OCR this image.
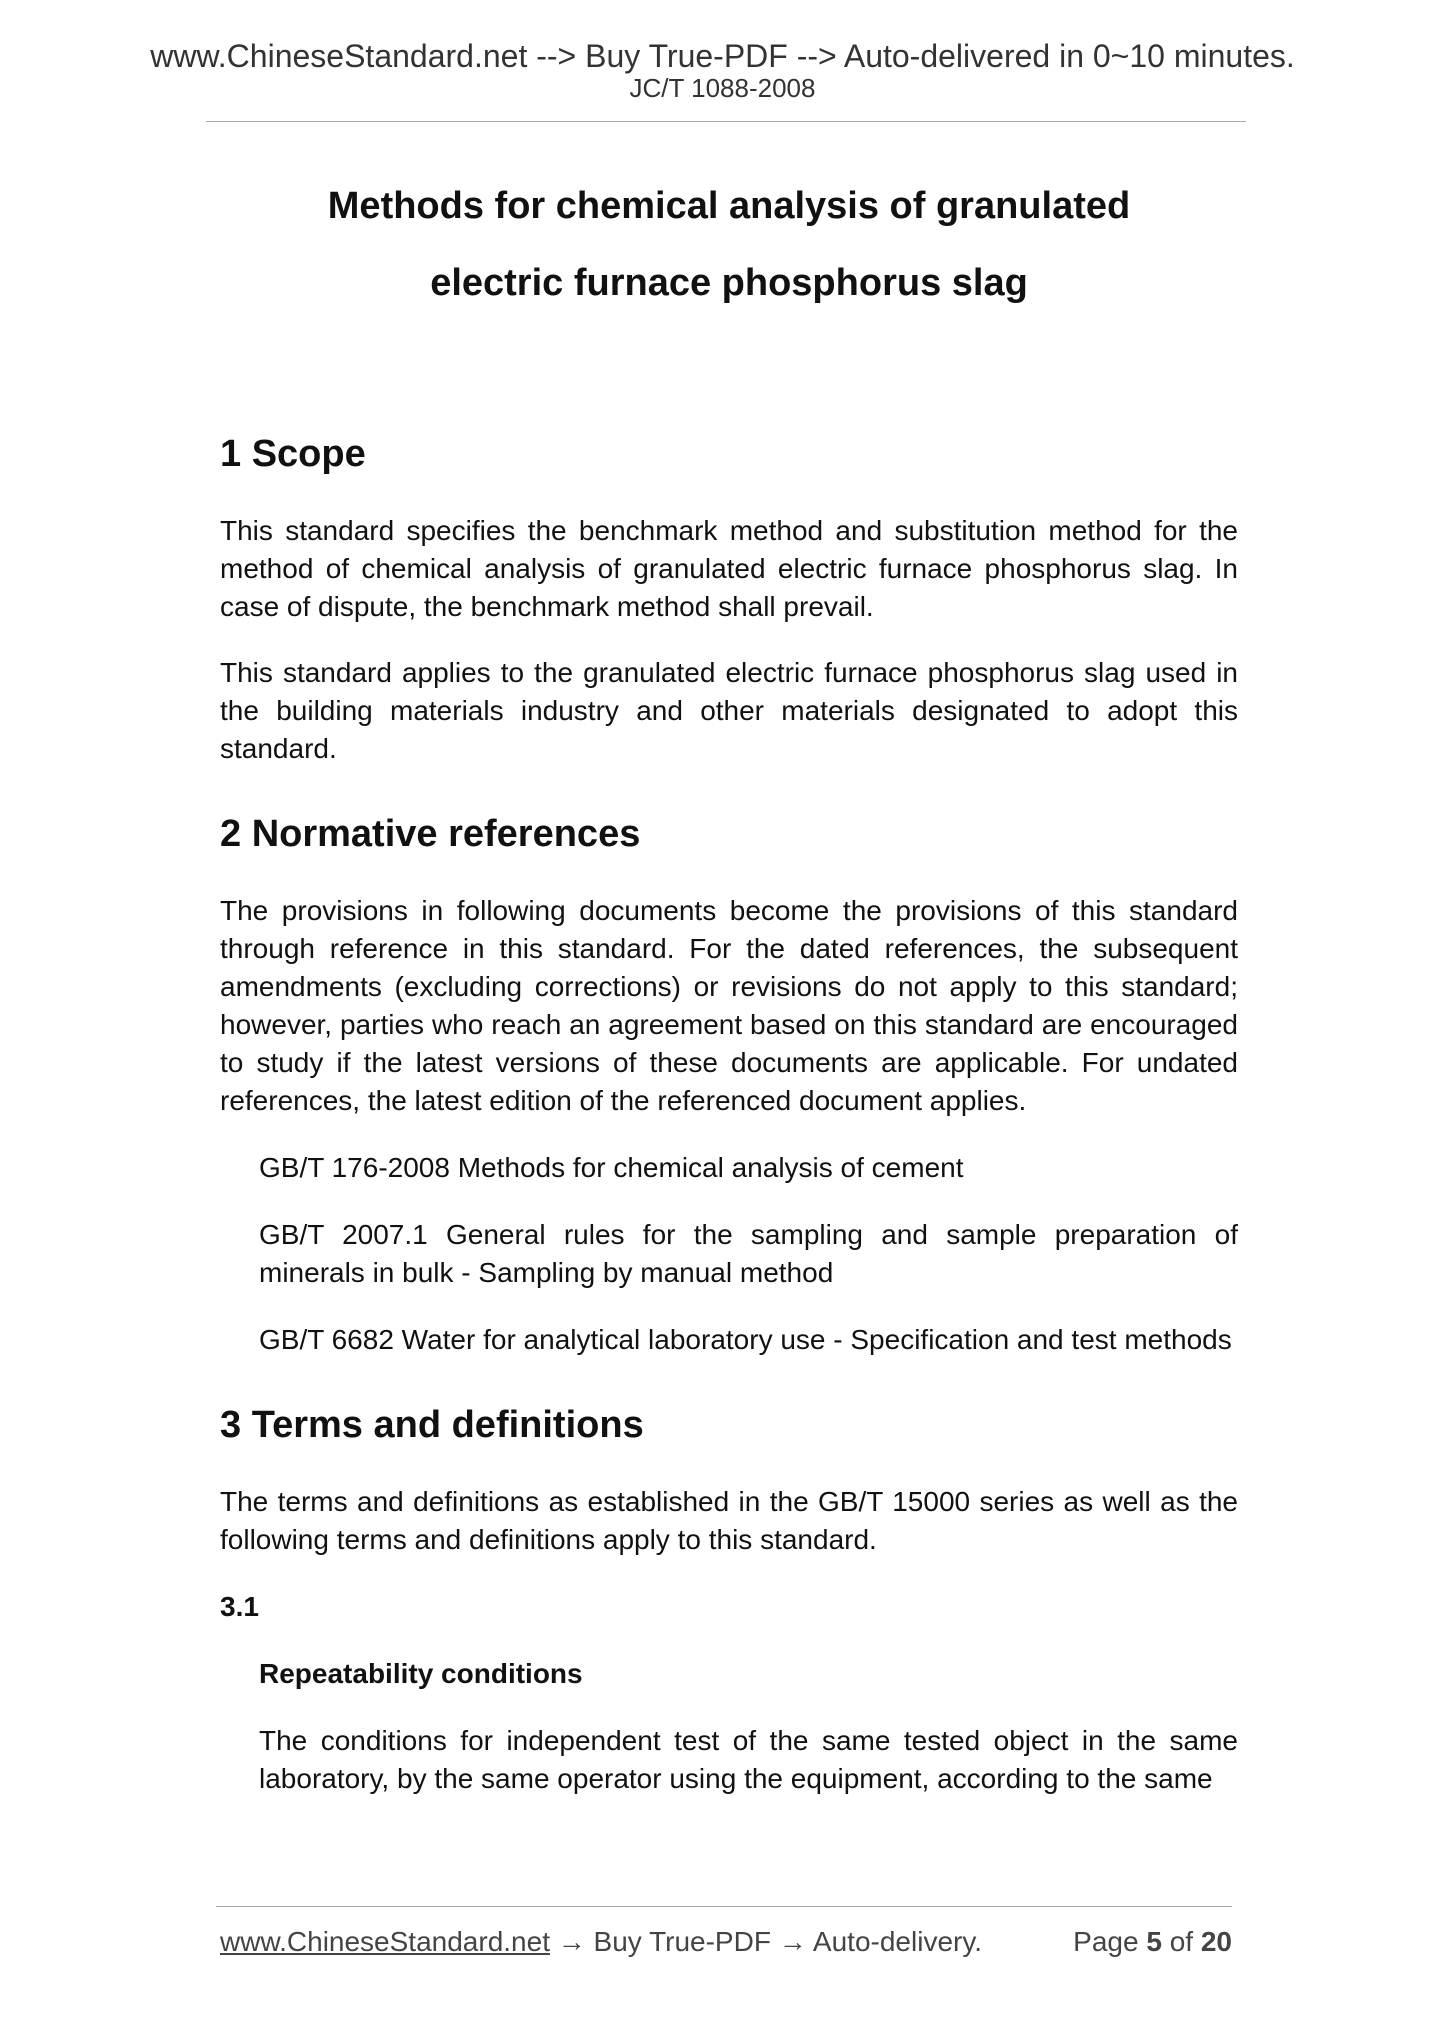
www.ChineseStandard.net --> Buy True-PDF --> Auto-delivered in 0~10 minutes.
JC/T 1088-2008
Methods for chemical analysis of granulated
electric furnace phosphorus slag
1 Scope

This standard specifies the benchmark method and substitution method for the method of chemical analysis of granulated electric furnace phosphorus slag. In case of dispute, the benchmark method shall prevail.

This standard applies to the granulated electric furnace phosphorus slag used in the building materials industry and other materials designated to adopt this standard.

2 Normative references

The provisions in following documents become the provisions of this standard through reference in this standard. For the dated references, the subsequent amendments (excluding corrections) or revisions do not apply to this standard; however, parties who reach an agreement based on this standard are encouraged to study if the latest versions of these documents are applicable. For undated references, the latest edition of the referenced document applies.

GB/T 176-2008 Methods for chemical analysis of cement

GB/T 2007.1 General rules for the sampling and sample preparation of minerals in bulk - Sampling by manual method

GB/T 6682 Water for analytical laboratory use - Specification and test methods

3 Terms and definitions

The terms and definitions as established in the GB/T 15000 series as well as the following terms and definitions apply to this standard.

3.1

Repeatability conditions

The conditions for independent test of the same tested object in the same laboratory, by the same operator using the equipment, according to the same

www.ChineseStandard.net → Buy True-PDF → Auto-delivery.	Page 5 of 20
